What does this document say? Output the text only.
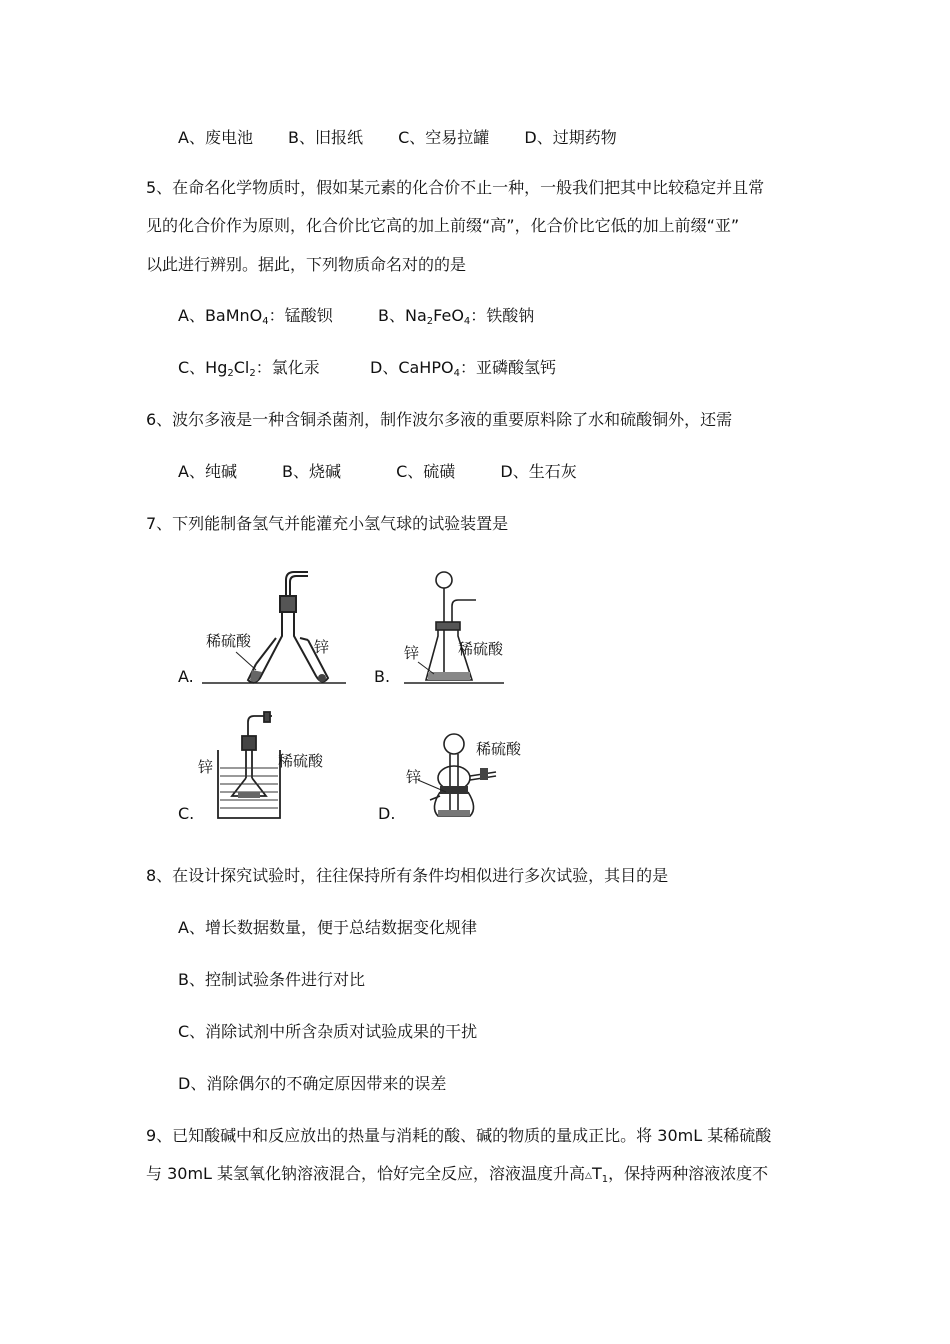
A、废电池 B、旧报纸 C、空易拉罐 D、过期药物
5、在命名化学物质时，假如某元素的化合价不止一种，一般我们把其中比较稳定并且常
见的化合价作为原则，化合价比它高的加上前缀“高”，化合价比它低的加上前缀“亚”
以此进行辨别。据此，下列物质命名对的的是
A、BaMnO$_4$：锰酸钡	B、$Na_2FeO_4$：铁酸钠
C、$Hg_2Cl_2$：氯化汞	D、CaHPO$_4$：亚磷酸氢钙
6、波尔多液是一种含铜杀菌剂，制作波尔多液的重要原料除了水和硫酸铜外，还需
A、纯碱	B、烧碱	C、硫磺	D、生石灰
7、下列能制备氢气并能灌充小氢气球的试验装置是
A.
稀硫酸	锌
B.
锌	稀硫酸
C.
锌	稀硫酸
D.
锌
稀硫酸
8、在设计探究试验时，往往保持所有条件均相似进行多次试验，其目的是
A、增长数据数量，便于总结数据变化规律
B、控制试验条件进行对比
C、消除试剂中所含杂质对试验成果的干扰
D、消除偶尔的不确定原因带来的误差
9、已知酸碱中和反应放出的热量与消耗的酸、碱的物质的量成正比。将 30mL 某稀硫酸
与 30mL 某氢氧化钠溶液混合，恰好完全反应，溶液温度升高$\triangle T_1$，保持两种溶液浓度不
